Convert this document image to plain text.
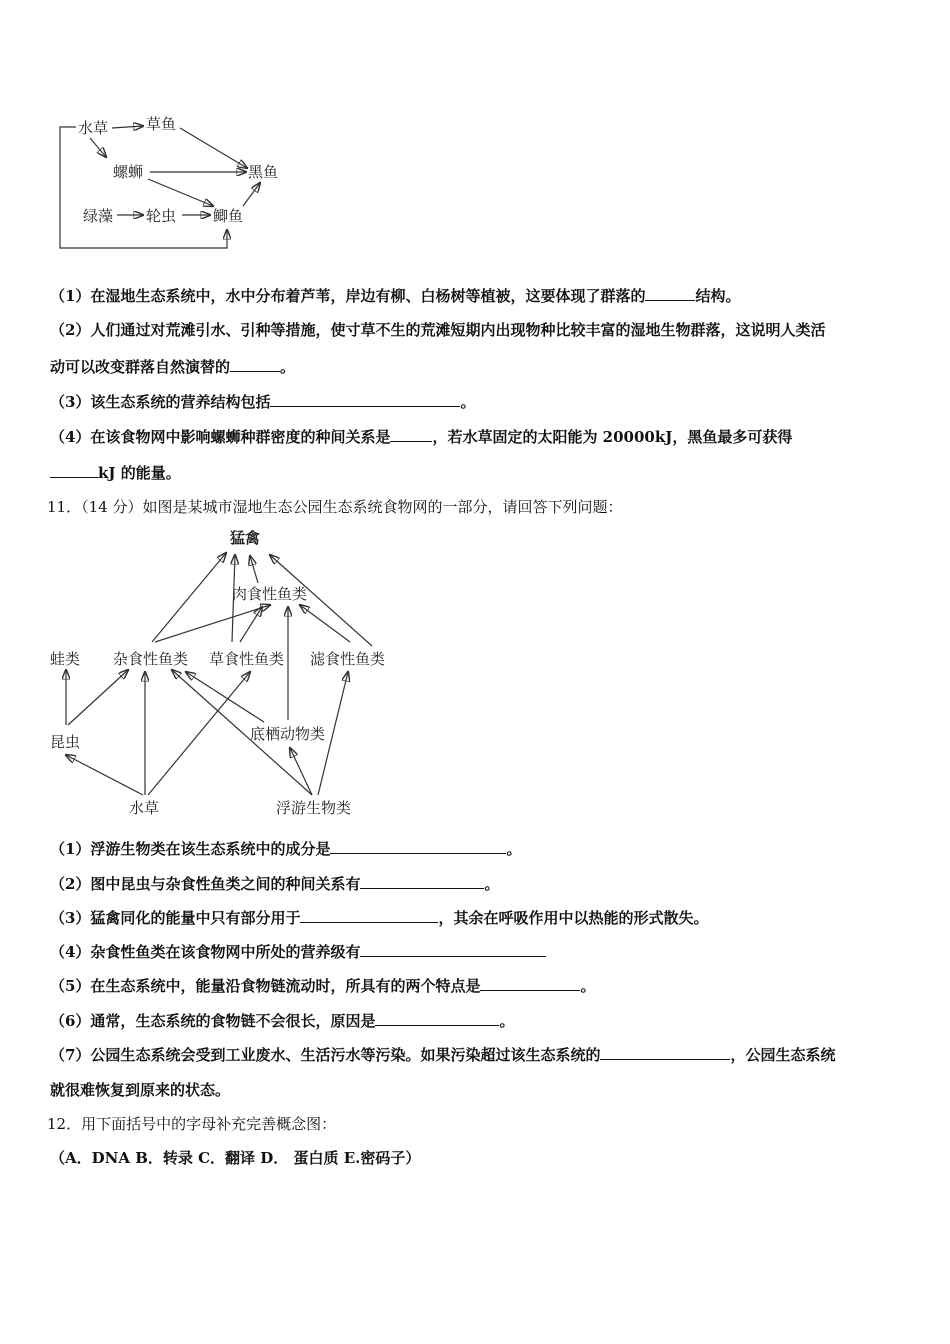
水草	草鱼
螺蛳	黑鱼
绿藻 轮虫 鲫鱼
（1）在湿地生态系统中，水中分布着芦苇，岸边有柳、白杨树等植被，这要体现了群落的	结构。
（2）人们通过对荒滩引水、引种等措施，使寸草不生的荒滩短期内出现物种比较丰富的湿地生物群落，这说明人类活
动可以改变群落自然演替的	。
（3）该生态系统的营养结构包括	。
（4）在该食物网中影响螺蛳种群密度的种间关系是	，若水草固定的太阳能为 20000kJ，黑鱼最多可获得
kJ 的能量。
11．（14 分）如图是某城市湿地生态公园生态系统食物网的一部分，请回答下列问题：
猛禽
肉食性鱼类
蛙类 杂食性鱼类 草食性鱼类 滤食性鱼类
昆虫	底栖动物类
水草	浮游生物类
（1）浮游生物类在该生态系统中的成分是	。
（2）图中昆虫与杂食性鱼类之间的种间关系有	。
（3）猛禽同化的能量中只有部分用于	，其余在呼吸作用中以热能的形式散失。
（4）杂食性鱼类在该食物网中所处的营养级有
（5）在生态系统中，能量沿食物链流动时，所具有的两个特点是	。
（6）通常，生态系统的食物链不会很长，原因是	。
（7）公园生态系统会受到工业废水、生活污水等污染。如果污染超过该生态系统的	，公园生态系统
就很难恢复到原来的状态。
12．用下面括号中的字母补充完善概念图：
（A．DNA B．转录 C．翻译 D． 蛋白质 E.密码子）
